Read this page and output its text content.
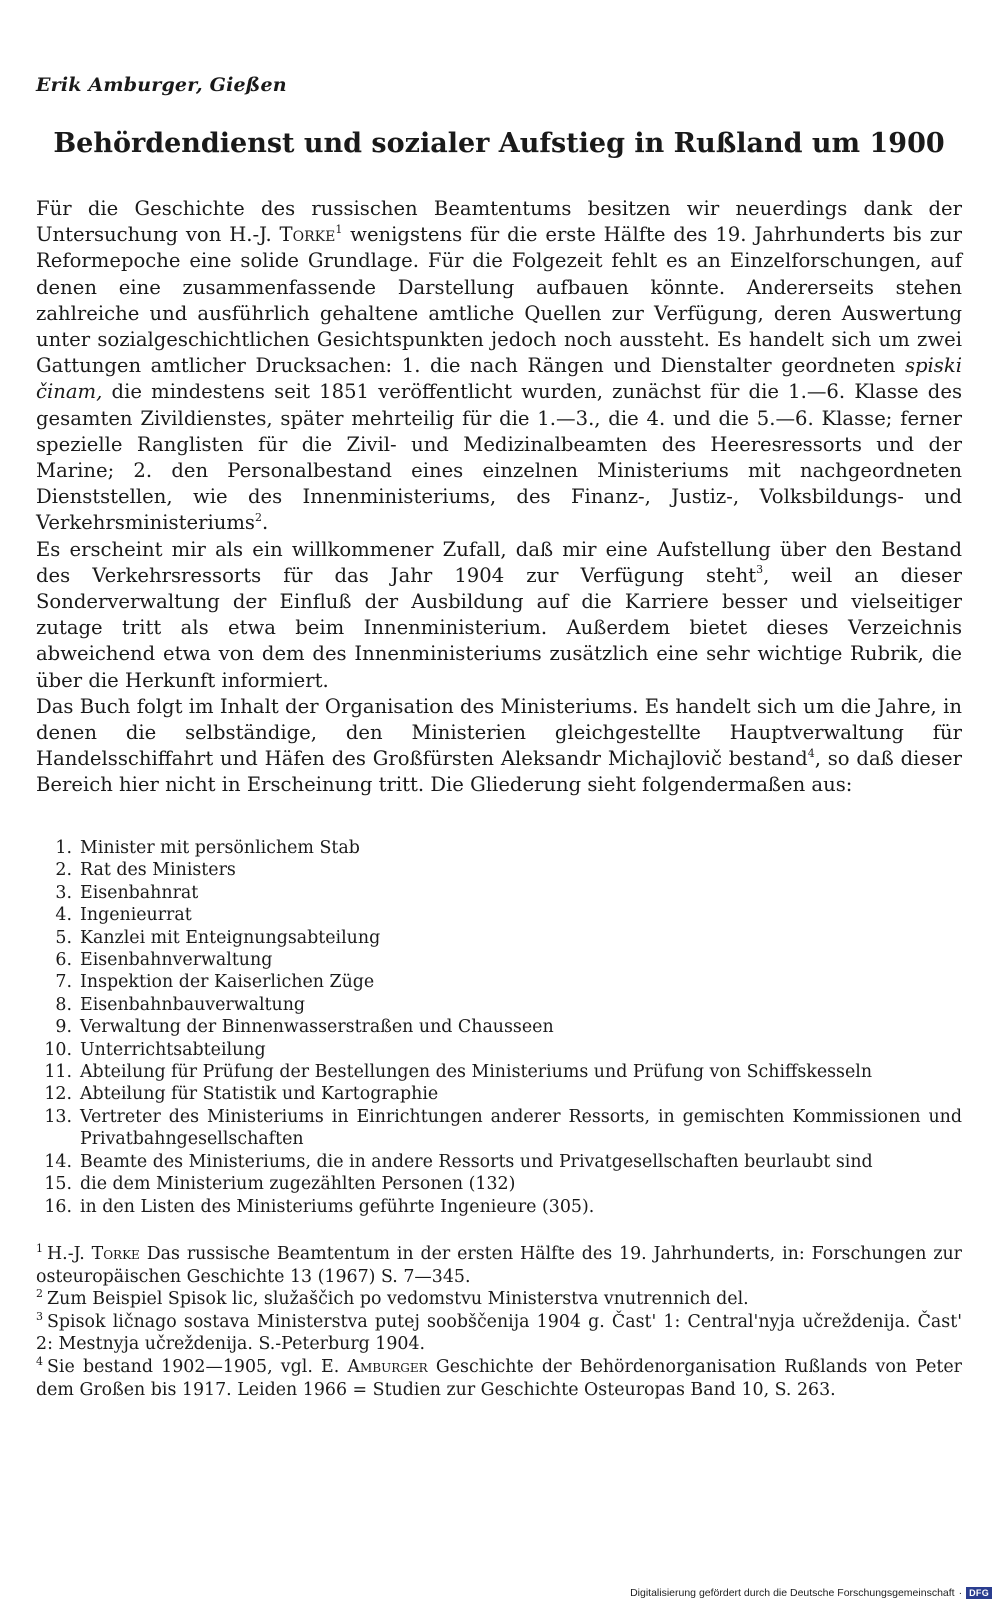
Erik Amburger, Gießen
Behördendienst und sozialer Aufstieg in Rußland um 1900

Für die Geschichte des russischen Beamtentums besitzen wir neuerdings dank der Untersuchung von H.-J. Torke$^1$ wenigstens für die erste Hälfte des 19. Jahrhunderts bis zur Reformepoche eine solide Grundlage. Für die Folgezeit fehlt es an Einzelforschungen, auf denen eine zusammenfassende Darstellung aufbauen könnte. Andererseits stehen zahlreiche und ausführlich gehaltene amtliche Quellen zur Verfügung, deren Auswertung unter sozialgeschichtlichen Gesichtspunkten jedoch noch aussteht. Es handelt sich um zwei Gattungen amtlicher Drucksachen: 1. die nach Rängen und Dienstalter geordneten spiski činam, die mindestens seit 1851 veröffentlicht wurden, zunächst für die 1.—6. Klasse des gesamten Zivildienstes, später mehrteilig für die 1.—3., die 4. und die 5.—6. Klasse; ferner spezielle Ranglisten für die Zivil- und Medizinalbeamten des Heeresressorts und der Marine; 2. den Personalbestand eines einzelnen Ministeriums mit nachgeordneten Dienststellen, wie des Innenministeriums, des Finanz-, Justiz-, Volksbildungs- und Verkehrsministeriums$^2$.

Es erscheint mir als ein willkommener Zufall, daß mir eine Aufstellung über den Bestand des Verkehrsressorts für das Jahr 1904 zur Verfügung steht$^3$, weil an dieser Sonderverwaltung der Einfluß der Ausbildung auf die Karriere besser und vielseitiger zutage tritt als etwa beim Innenministerium. Außerdem bietet dieses Verzeichnis abweichend etwa von dem des Innenministeriums zusätzlich eine sehr wichtige Rubrik, die über die Herkunft informiert.

Das Buch folgt im Inhalt der Organisation des Ministeriums. Es handelt sich um die Jahre, in denen die selbständige, den Ministerien gleichgestellte Hauptverwaltung für Handelsschiffahrt und Häfen des Großfürsten Aleksandr Michajlovič bestand$^4$, so daß dieser Bereich hier nicht in Erscheinung tritt. Die Gliederung sieht folgendermaßen aus:

1. Minister mit persönlichem Stab
2. Rat des Ministers
3. Eisenbahnrat
4. Ingenieurrat
5. Kanzlei mit Enteignungsabteilung
6. Eisenbahnverwaltung
7. Inspektion der Kaiserlichen Züge
8. Eisenbahnbauverwaltung
9. Verwaltung der Binnenwasserstraßen und Chausseen
10. Unterrichtsabteilung
11. Abteilung für Prüfung der Bestellungen des Ministeriums und Prüfung von Schiffskesseln
12. Abteilung für Statistik und Kartographie
13. Vertreter des Ministeriums in Einrichtungen anderer Ressorts, in gemischten Kommissionen und Privatbahngesellschaften
14. Beamte des Ministeriums, die in andere Ressorts und Privatgesellschaften beurlaubt sind
15. die dem Ministerium zugezählten Personen (132)
16. in den Listen des Ministeriums geführte Ingenieure (305).

$^1$ H.-J. Torke Das russische Beamtentum in der ersten Hälfte des 19. Jahrhunderts, in: Forschungen zur osteuropäischen Geschichte 13 (1967) S. 7—345.

$^2$ Zum Beispiel Spisok lic, služaščich po vedomstvu Ministerstva vnutrennich del.

$^3$ Spisok ličnago sostava Ministerstva putej soobščenija 1904 g. Čast' 1: Central'nyja učreždenija. Čast' 2: Mestnyja učreždenija. S.-Peterburg 1904.

$^4$ Sie bestand 1902—1905, vgl. E. Amburger Geschichte der Behördenorganisation Rußlands von Peter dem Großen bis 1917. Leiden 1966 = Studien zur Geschichte Osteuropas Band 10, S. 263.

Digitalisierung gefördert durch die Deutsche Forschungsgemeinschaft · DFG
